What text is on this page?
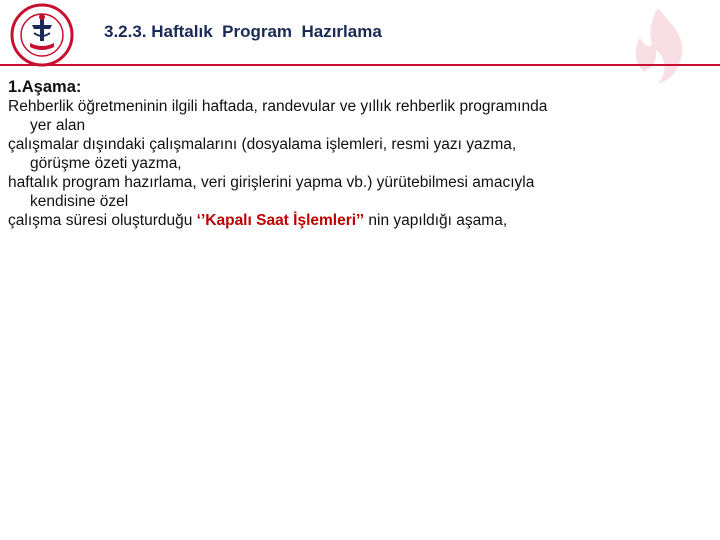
3.2.3. Haftalık  Program  Hazırlama
1.Aşama:
Rehberlik öğretmeninin ilgili haftada, randevular ve yıllık rehberlik programında
yer alan
çalışmalar dışındaki çalışmalarını (dosyalama işlemleri, resmi yazı yazma,
görüşme özeti yazma,
haftalık program hazırlama, veri girişlerini yapma vb.) yürütebilmesi amacıyla
kendisine özel
çalışma süresi oluşturduğu ‘’Kapalı Saat İşlemleri’’ nin yapıldığı aşama,
